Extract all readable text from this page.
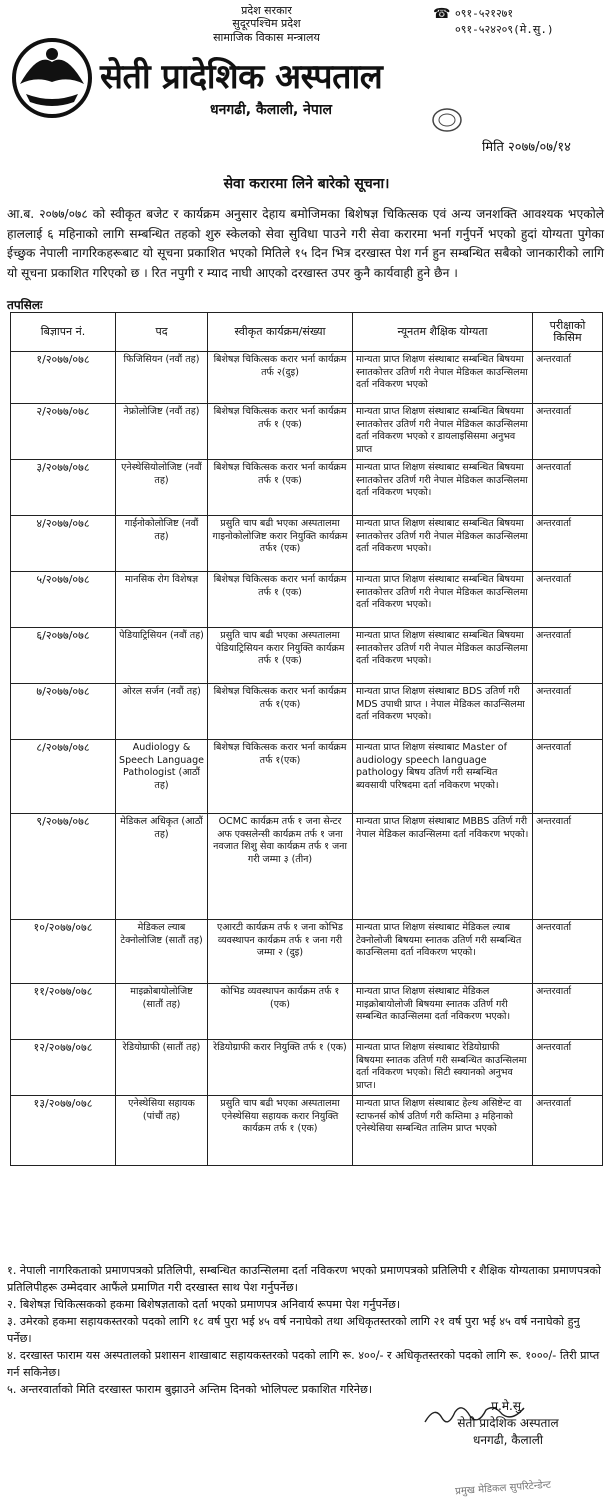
प्रदेश सरकार
सुदूरपश्चिम प्रदेश
सामाजिक विकास मन्त्रालय
सेती प्रादेशिक अस्पताल
धनगढी, कैलाली, नेपाल
☎ ०९१-५२१२७१
०९१-५२४२०९(मे.सु.)
मिति २०७७/०७/१४
सेवा करारमा लिने बारेको सूचना।
आ.ब. २०७७/०७८ को स्वीकृत बजेट र कार्यक्रम अनुसार देहाय बमोजिमका बिशेषज्ञ चिकित्सक एवं अन्य जनशक्ति आवश्यक भएकोले हाललाई ६ महिनाको लागि सम्बन्धित तहको शुरु स्केलको सेवा सुविधा पाउने गरी सेवा करारमा भर्ना गर्नुपर्ने भएको हुदां योग्यता पुगेका ईच्छुक नेपाली नागरिकहरूबाट यो सूचना प्रकाशित भएको मितिले १५ दिन भित्र दरखास्त पेश गर्न हुन सम्बन्धित सबैको जानकारीको लागि यो सूचना प्रकाशित गरिएको छ । रित नपुगी र म्याद नाघी आएको दरखास्त उपर कुनै कार्यवाही हुने छैन ।
तपसिलः
बिज्ञापन नं.	पद	स्वीकृत कार्यक्रम/संख्या	न्यूनतम शैक्षिक योग्यता	परीक्षाको किसिम
१/२०७७/०७८	फिजिसियन (नवौं तह)	बिशेषज्ञ चिकित्सक करार भर्ना कार्यक्रम तर्फ २(दुइ)	मान्यता प्राप्त शिक्षण संस्थाबाट सम्बन्धित बिषयमा स्नातकोत्तर उतिर्ण गरी नेपाल मेडिकल काउन्सिलमा दर्ता नविकरण भएको	अन्तरवार्ता
२/२०७७/०७८	नेफ्रोलोजिष्ट (नवौं तह)	बिशेषज्ञ चिकित्सक करार भर्ना कार्यक्रम तर्फ १ (एक)	मान्यता प्राप्त शिक्षण संस्थाबाट सम्बन्धित बिषयमा स्नातकोत्तर उतिर्ण गरी नेपाल मेडिकल काउन्सिलमा दर्ता नविकरण भएको र डायलाइसिसमा अनुभव प्राप्त	अन्तरवार्ता
३/२०७७/०७८	एनेस्थेसियोलोजिष्ट (नवौं तह)	बिशेषज्ञ चिकित्सक करार भर्ना कार्यक्रम तर्फ १ (एक)	मान्यता प्राप्त शिक्षण संस्थाबाट सम्बन्धित बिषयमा स्नातकोत्तर उतिर्ण गरी नेपाल मेडिकल काउन्सिलमा दर्ता नविकरण भएको।	अन्तरवार्ता
४/२०७७/०७८	गाईनोकोलोजिष्ट (नवौं तह)	प्रसुति चाप बढी भएका अस्पतालमा गाइनोकोलोजिष्ट करार नियुक्ति कार्यक्रम तर्फ१ (एक)	मान्यता प्राप्त शिक्षण संस्थाबाट सम्बन्धित बिषयमा स्नातकोत्तर उतिर्ण गरी नेपाल मेडिकल काउन्सिलमा दर्ता नविकरण भएको।	अन्तरवार्ता
५/२०७७/०७८	मानसिक रोग विशेषज्ञ	बिशेषज्ञ चिकित्सक करार भर्ना कार्यक्रम तर्फ १ (एक)	मान्यता प्राप्त शिक्षण संस्थाबाट सम्बन्धित बिषयमा स्नातकोत्तर उतिर्ण गरी नेपाल मेडिकल काउन्सिलमा दर्ता नविकरण भएको।	अन्तरवार्ता
६/२०७७/०७८	पेडियाट्रिसियन (नवौं तह)	प्रसुति चाप बढी भएका अस्पतालमा पेडियाट्रिसियन करार नियुक्ति कार्यक्रम तर्फ १ (एक)	मान्यता प्राप्त शिक्षण संस्थाबाट सम्बन्धित बिषयमा स्नातकोत्तर उतिर्ण गरी नेपाल मेडिकल काउन्सिलमा दर्ता नविकरण भएको।	अन्तरवार्ता
७/२०७७/०७८	ओरल सर्जन (नवौं तह)	बिशेषज्ञ चिकित्सक करार भर्ना कार्यक्रम तर्फ १(एक)	मान्यता प्राप्त शिक्षण संस्थाबाट BDS उतिर्ण गरी MDS उपाधी प्राप्त । नेपाल मेडिकल काउन्सिलमा दर्ता नविकरण भएको।	अन्तरवार्ता
८/२०७७/०७८	Audiology & Speech Language Pathologist (आठौं तह)	बिशेषज्ञ चिकित्सक करार भर्ना कार्यक्रम तर्फ १(एक)	मान्यता प्राप्त शिक्षण संस्थाबाट Master of audiology speech language pathology बिषय उतिर्ण गरी सम्बन्धित ब्यवसायी परिषदमा दर्ता नविकरण भएको।	अन्तरवार्ता
९/२०७७/०७८	मेडिकल अधिकृत (आठौं तह)	OCMC कार्यक्रम तर्फ १ जना सेन्टर अफ एक्सलेन्सी कार्यक्रम तर्फ १ जना नवजात शिशु सेवा कार्यक्रम तर्फ १ जना गरी जम्मा ३ (तीन)	मान्यता प्राप्त शिक्षण संस्थाबाट MBBS उतिर्ण गरी नेपाल मेडिकल काउन्सिलमा दर्ता नविकरण भएको।	अन्तरवार्ता
१०/२०७७/०७८	मेडिकल ल्याब टेक्नोलोजिष्ट (सातौं तह)	एआरटी कार्यक्रम तर्फ १ जना कोभिड व्यवस्थापन कार्यक्रम तर्फ १ जना गरी जम्मा २ (दुइ)	मान्यता प्राप्त शिक्षण संस्थाबाट मेडिकल ल्याब टेक्नोलोजी बिषयमा स्नातक उतिर्ण गरी सम्बन्धित काउन्सिलमा दर्ता नविकरण भएको।	अन्तरवार्ता
११/२०७७/०७८	माइक्रोबायोलोजिष्ट (सातौं तह)	कोभिड व्यवस्थापन कार्यक्रम तर्फ १ (एक)	मान्यता प्राप्त शिक्षण संस्थाबाट मेडिकल माइक्रोबायोलोजी बिषयमा स्नातक उतिर्ण गरी सम्बन्धित काउन्सिलमा दर्ता नविकरण भएको।	अन्तरवार्ता
१२/२०७७/०७८	रेडियोग्राफी (सातौं तह)	रेडियोग्राफी करार नियुक्ति तर्फ १ (एक)	मान्यता प्राप्त शिक्षण संस्थाबाट रेडियोग्राफी बिषयमा स्नातक उतिर्ण गरी सम्बन्धित काउन्सिलमा दर्ता नविकरण भएको। सिटी स्क्यानको अनुभव प्राप्त।	अन्तरवार्ता
१३/२०७७/०७८	एनेस्थेसिया सहायक (पांचौं तह)	प्रसुति चाप बढी भएका अस्पतालमा एनेस्थेसिया सहायक करार नियुक्ति कार्यक्रम तर्फ १ (एक)	मान्यता प्राप्त शिक्षण संस्थाबाट हेल्थ असिष्टेन्ट वा स्टाफनर्स कोर्ष उतिर्ण गरी कम्तिमा ३ महिनाको एनेस्थेसिया सम्बन्धित तालिम प्राप्त भएको	अन्तरवार्ता
१. नेपाली नागरिकताको प्रमाणपत्रको प्रतिलिपी, सम्बन्धित काउन्सिलमा दर्ता नविकरण भएको प्रमाणपत्रको प्रतिलिपी र शैक्षिक योग्यताका प्रमाणपत्रको प्रतिलिपीहरू उम्मेदवार आफैंले प्रमाणित गरी दरखास्त साथ पेश गर्नुपर्नेछ।
२. बिशेषज्ञ चिकित्सकको हकमा बिशेषज्ञताको दर्ता भएको प्रमाणपत्र अनिवार्य रूपमा पेश गर्नुपर्नेछ।
३. उमेरको हकमा सहायकस्तरको पदको लागि १८ वर्ष पुरा भई ४५ वर्ष ननाघेको तथा अधिकृतस्तरको लागि २१ वर्ष पुरा भई ४५ वर्ष ननाघेको हुनु पर्नेछ।
४. दरखास्त फाराम यस अस्पतालको प्रशासन शाखाबाट सहायकस्तरको पदको लागि रू. ४००/- र अधिकृतस्तरको पदको लागि रू. १०००/- तिरी प्राप्त गर्न सकिनेछ।
५. अन्तरवार्ताको मिति दरखास्त फाराम बुझाउने अन्तिम दिनको भोलिपल्ट प्रकाशित गरिनेछ।
प्र.मे.सु.
सेती प्रादेशिक अस्पताल
धनगढी, कैलाली
प्रमुख मेडिकल सुपरिटेन्डेन्ट
